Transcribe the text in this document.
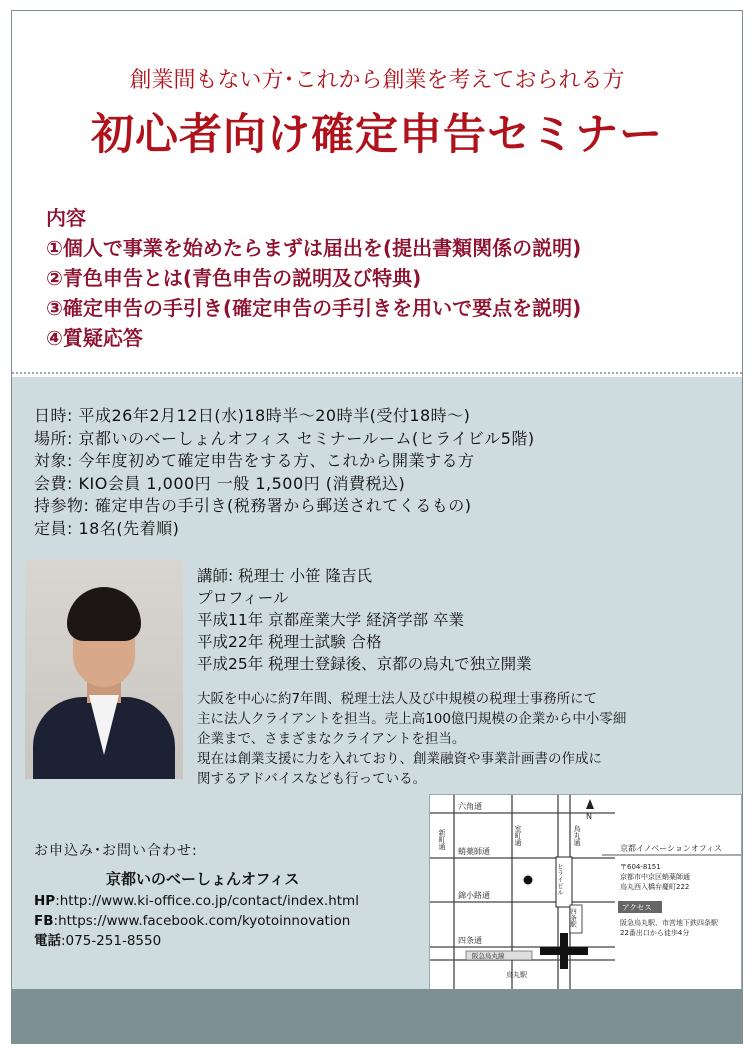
創業間もない方･これから創業を考えておられる方
初心者向け確定申告セミナー
内容
①個人で事業を始めたらまずは届出を(提出書類関係の説明)
②青色申告とは(青色申告の説明及び特典)
③確定申告の手引き(確定申告の手引きを用いで要点を説明)
④質疑応答
日時: 平成26年2月12日(水)18時半～20時半(受付18時～)
場所: 京都いのべーしょんオフィス セミナールーム(ヒライビル5階)
対象: 今年度初めて確定申告をする方、これから開業する方
会費: KIO会員 1,000円 一般 1,500円 (消費税込)
持参物: 確定申告の手引き(税務署から郵送されてくるもの)
定員: 18名(先着順)
講師: 税理士 小笹 隆吉氏
プロフィール
平成11年 京都産業大学 経済学部 卒業
平成22年 税理士試験 合格
平成25年 税理士登録後、京都の烏丸で独立開業
大阪を中心に約7年間、税理士法人及び中規模の税理士事務所にて
主に法人クライアントを担当。売上高100億円規模の企業から中小零細
企業まで、さまざまなクライアントを担当。
現在は創業支援に力を入れており、創業融資や事業計画書の作成に
関するアドバイスなども行っている。
お申込み･お問い合わせ:
京都いのべーしょんオフィス
HP:http://www.ki-office.co.jp/contact/index.html
FB:https://www.facebook.com/kyotoinnovation
電話:075-251-8550
六角通
蛸薬師通
錦小路通
四条通
新町通	室町通	烏丸通
N
ヒライビル
四条駅
阪急烏丸線
烏丸駅
京都イノベーションオフィス
〒604-8151
京都市中京区蛸薬師通
烏丸西入橋弁慶町222
アクセス
阪急烏丸駅、市営地下鉄四条駅
22番出口から徒歩4分
